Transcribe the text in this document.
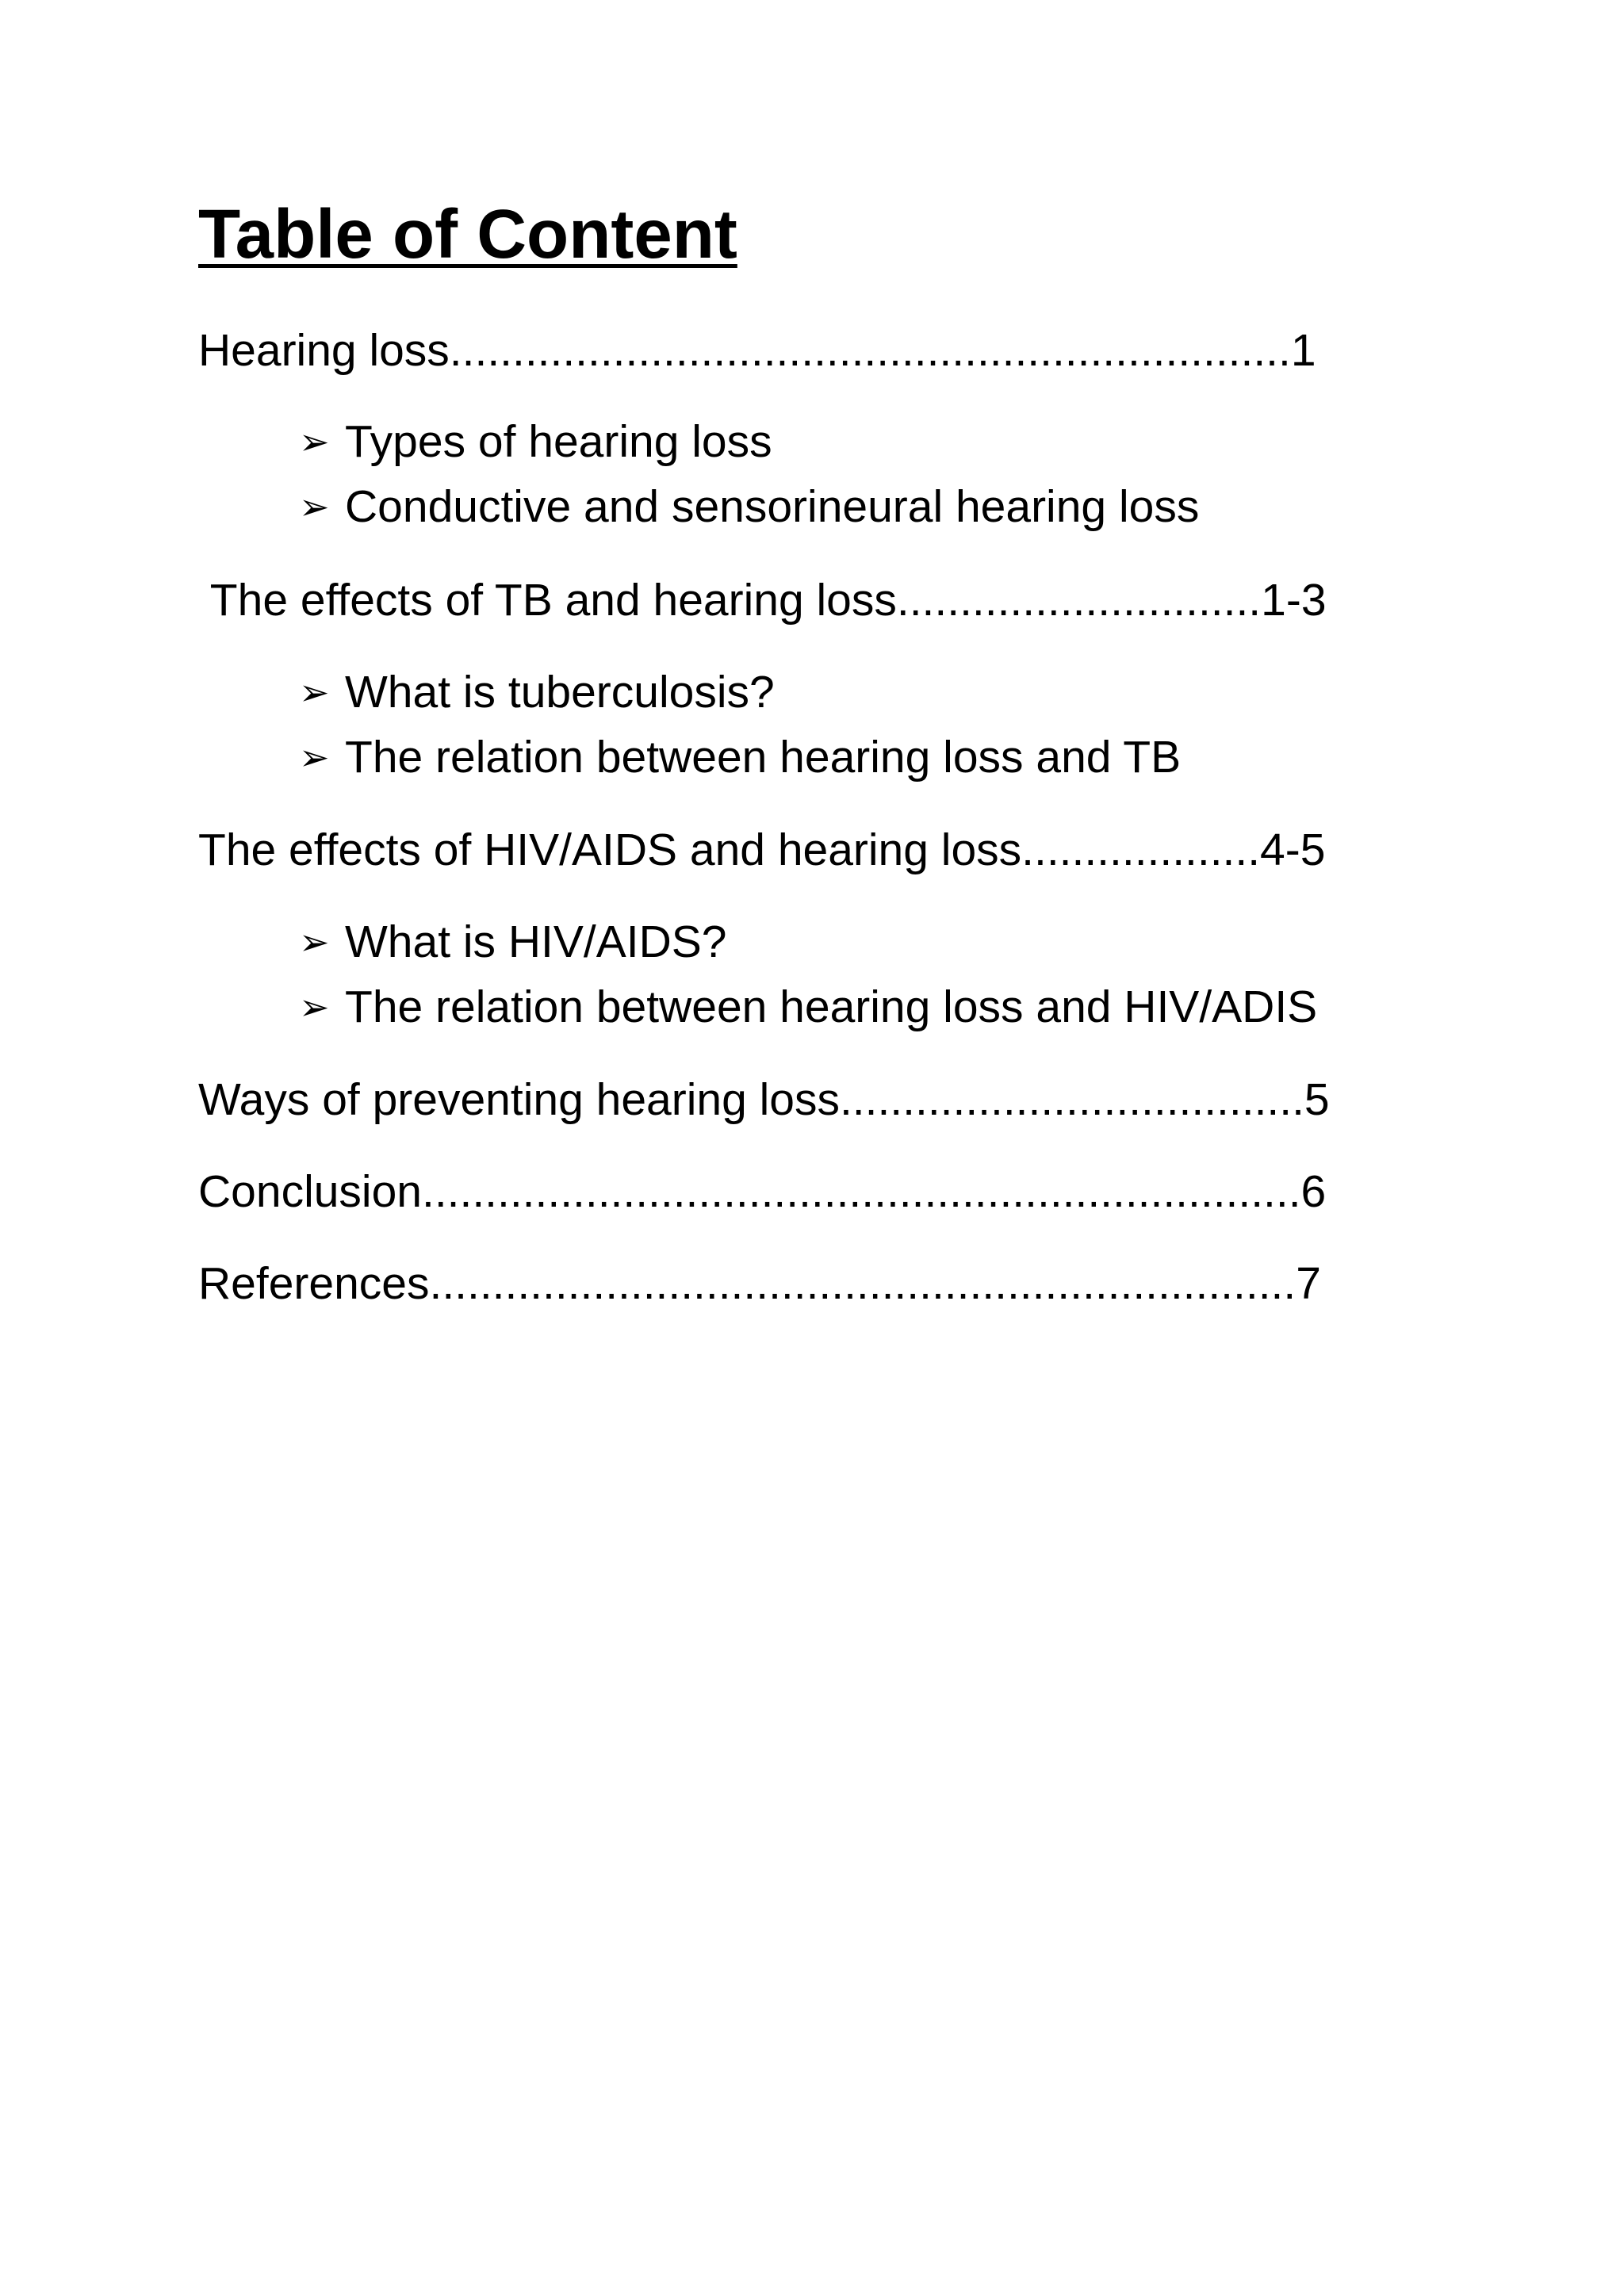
Table of Content
Hearing loss...................................................................1
➢ Types of hearing loss
➢ Conductive and sensorineural hearing loss
The effects of TB and hearing loss.............................1-3
➢ What is tuberculosis?
➢ The relation between hearing loss and TB
The effects of HIV/AIDS and hearing loss...................4-5
➢ What is HIV/AIDS?
➢ The relation between hearing loss and HIV/ADIS
Ways of preventing hearing loss.....................................5
Conclusion......................................................................6
References.....................................................................7
